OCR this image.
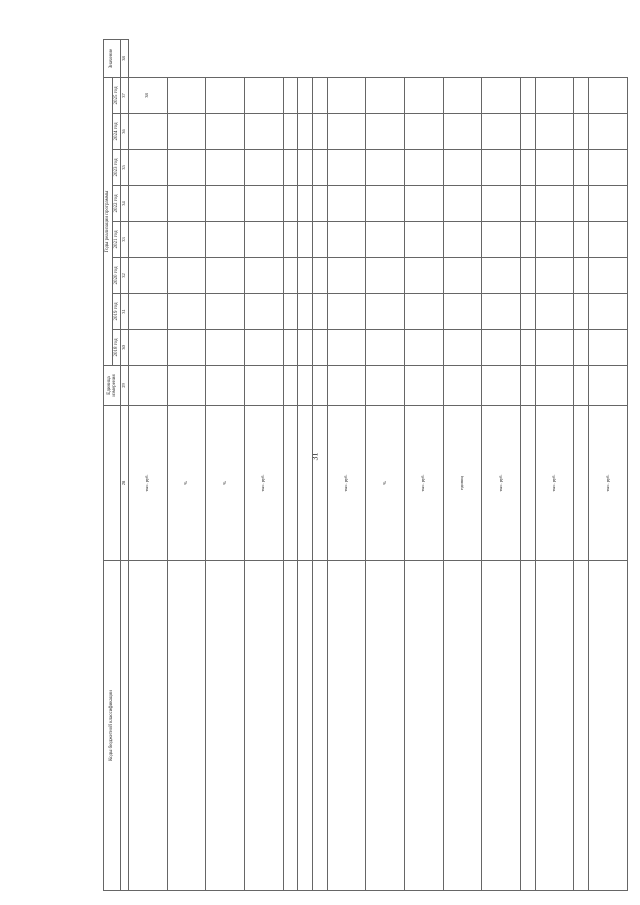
31
Коды бюджетной классификации		Единица измерения	Годы реализации программы								Значение
			2018 год	2019 год	2020 год	2021 год	2022 год	2023 год	2024 год	2025 год	
	28	29	30	31	32	33	34	35	36	37	38
	тыс. руб.									38	
	%										
	%										
	тыс. руб.										

	тыс. руб.										
	%										
	тыс. руб.										
	единиц										
	тыс. руб.										

	тыс. руб.										

	тыс. руб.										
